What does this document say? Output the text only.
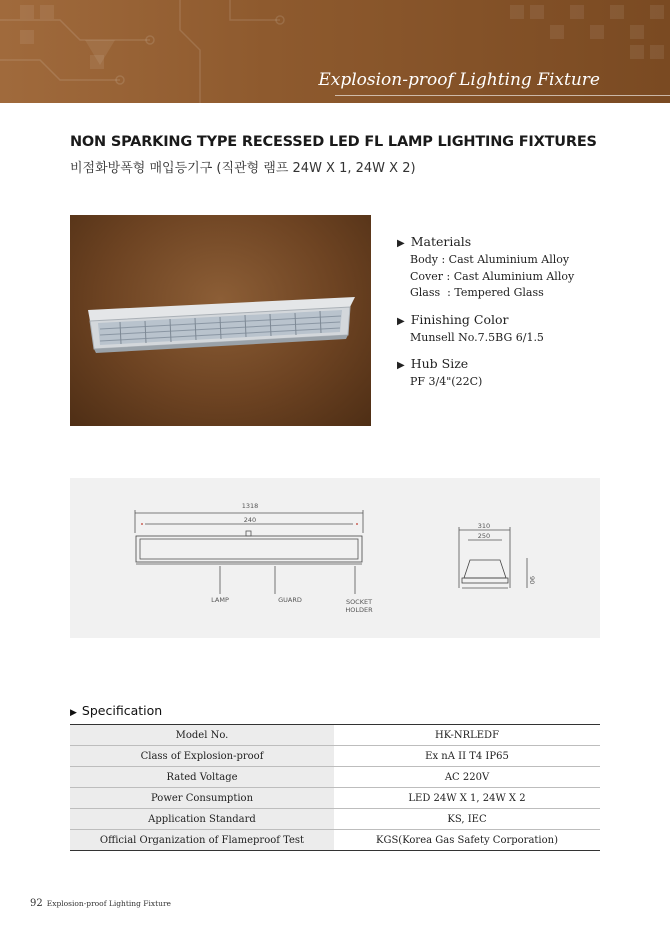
Explosion-proof Lighting Fixture
NON SPARKING TYPE RECESSED LED FL LAMP LIGHTING FIXTURES
비점화방폭형 매입등기구 (직관형 램프 24W X 1, 24W X 2)
▶ Materials
Body : Cast Aluminium Alloy
Cover : Cast Aluminium Alloy
Glass  : Tempered Glass
▶ Finishing Color
Munsell No.7.5BG 6/1.5
▶ Hub Size
PF 3/4"(22C)
1318
240
310
250
90
LAMP	GUARD	SOCKET
HOLDER
▶ Specification
Model No.	HK-NRLEDF
Class of Explosion-proof	Ex nA II T4 IP65
Rated Voltage	AC 220V
Power Consumption	LED 24W X 1, 24W X 2
Application Standard	KS, IEC
Official Organization of Flameproof Test	KGS(Korea Gas Safety Corporation)
92 Explosion-proof Lighting Fixture
